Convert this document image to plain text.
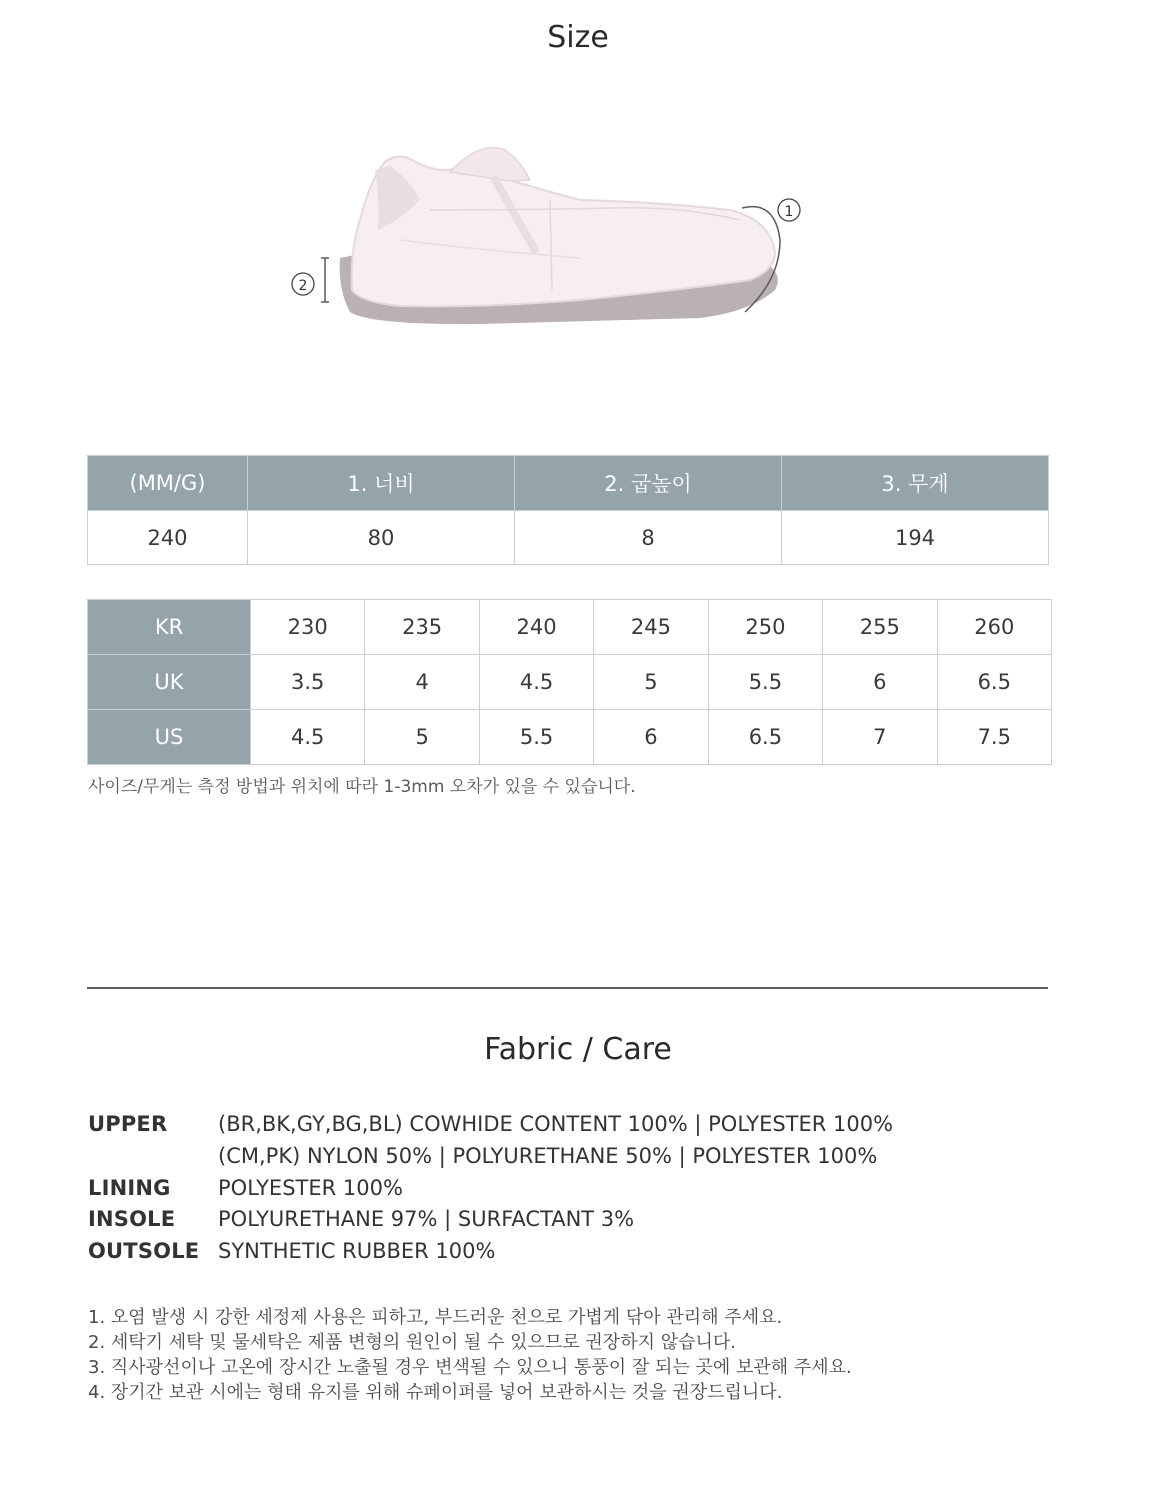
Size
1
2
(MM/G)	1. 너비	2. 굽높이	3. 무게
240	80	8	194
KR	230	235	240	245	250	255	260
UK	3.5	4	4.5	5	5.5	6	6.5
US	4.5	5	5.5	6	6.5	7	7.5
사이즈/무게는 측정 방법과 위치에 따라 1-3mm 오차가 있을 수 있습니다.
Fabric / Care
UPPER (BR,BK,GY,BG,BL) COWHIDE CONTENT 100% | POLYESTER 100%
(CM,PK) NYLON 50% | POLYURETHANE 50% | POLYESTER 100%
LINING POLYESTER 100%
INSOLE POLYURETHANE 97% | SURFACTANT 3%
OUTSOLE SYNTHETIC RUBBER 100%
1. 오염 발생 시 강한 세정제 사용은 피하고, 부드러운 천으로 가볍게 닦아 관리해 주세요.
2. 세탁기 세탁 및 물세탁은 제품 변형의 원인이 될 수 있으므로 권장하지 않습니다.
3. 직사광선이나 고온에 장시간 노출될 경우 변색될 수 있으니 통풍이 잘 되는 곳에 보관해 주세요.
4. 장기간 보관 시에는 형태 유지를 위해 슈페이퍼를 넣어 보관하시는 것을 권장드립니다.
